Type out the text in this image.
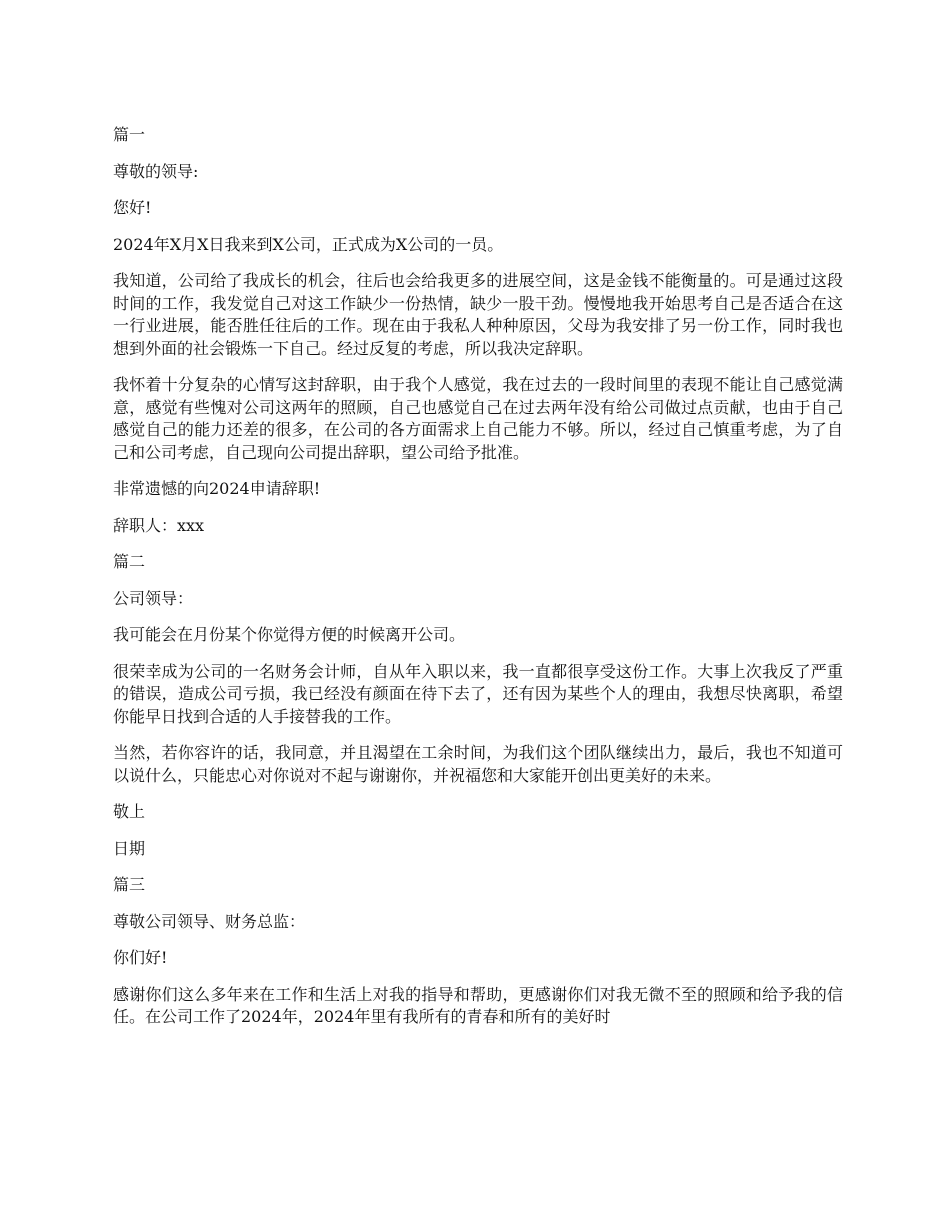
篇一

尊敬的领导:

您好!

2024年X月X日我来到X公司，正式成为X公司的一员。

我知道，公司给了我成长的机会，往后也会给我更多的进展空间，这是金钱不能衡量的。可是通过这段时间的工作，我发觉自己对这工作缺少一份热情，缺少一股干劲。慢慢地我开始思考自己是否适合在这一行业进展，能否胜任往后的工作。现在由于我私人种种原因，父母为我安排了另一份工作，同时我也想到外面的社会锻炼一下自己。经过反复的考虑，所以我决定辞职。

我怀着十分复杂的心情写这封辞职，由于我个人感觉，我在过去的一段时间里的表现不能让自己感觉满意，感觉有些愧对公司这两年的照顾，自己也感觉自己在过去两年没有给公司做过点贡献，也由于自己感觉自己的能力还差的很多，在公司的各方面需求上自己能力不够。所以，经过自己慎重考虑，为了自己和公司考虑，自己现向公司提出辞职，望公司给予批准。

非常遗憾的向2024申请辞职!

辞职人：xxx

篇二

公司领导：

我可能会在月份某个你觉得方便的时候离开公司。

很荣幸成为公司的一名财务会计师，自从年入职以来，我一直都很享受这份工作。大事上次我反了严重的错误，造成公司亏损，我已经没有颜面在待下去了，还有因为某些个人的理由，我想尽快离职，希望你能早日找到合适的人手接替我的工作。

当然，若你容许的话，我同意，并且渴望在工余时间，为我们这个团队继续出力，最后，我也不知道可以说什么，只能忠心对你说对不起与谢谢你，并祝福您和大家能开创出更美好的未来。

敬上

日期

篇三

尊敬公司领导、财务总监：

你们好!

感谢你们这么多年来在工作和生活上对我的指导和帮助，更感谢你们对我无微不至的照顾和给予我的信任。在公司工作了2024年，2024年里有我所有的青春和所有的美好时
